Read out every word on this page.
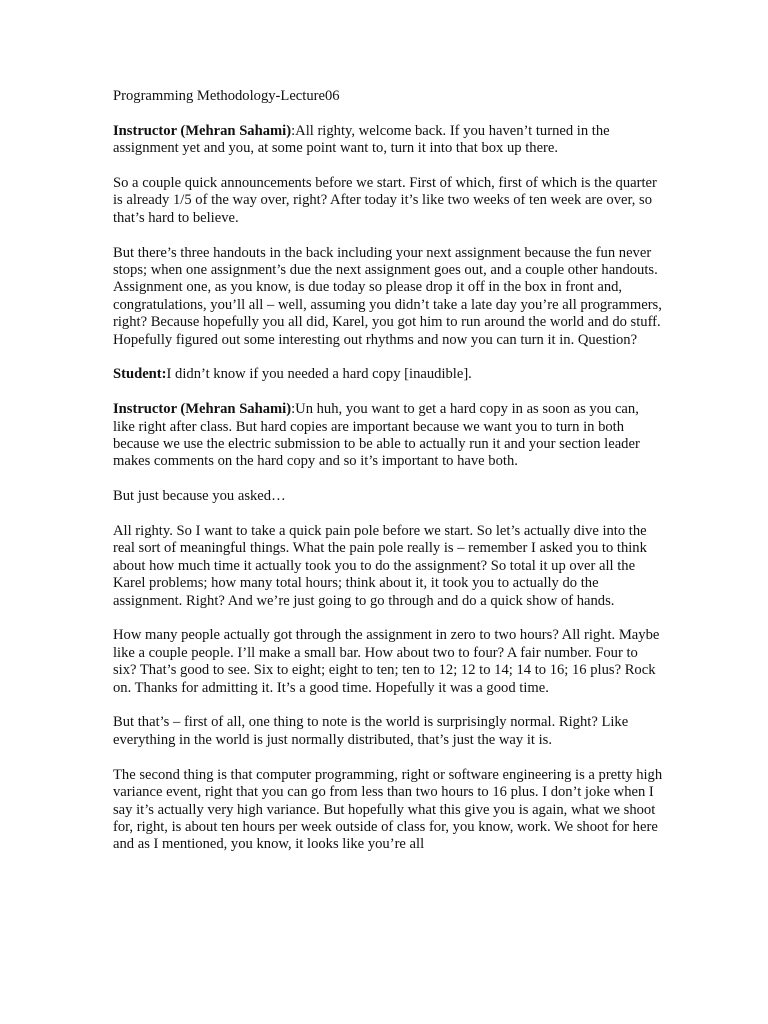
Programming Methodology-Lecture06

Instructor (Mehran Sahami):All righty, welcome back. If you haven’t turned in the assignment yet and you, at some point want to, turn it into that box up there.

So a couple quick announcements before we start. First of which, first of which is the quarter is already 1/5 of the way over, right? After today it’s like two weeks of ten week are over, so that’s hard to believe.

But there’s three handouts in the back including your next assignment because the fun never stops; when one assignment’s due the next assignment goes out, and a couple other handouts. Assignment one, as you know, is due today so please drop it off in the box in front and, congratulations, you’ll all – well, assuming you didn’t take a late day you’re all programmers, right? Because hopefully you all did, Karel, you got him to run around the world and do stuff. Hopefully figured out some interesting out rhythms and now you can turn it in. Question?

Student:I didn’t know if you needed a hard copy [inaudible].

Instructor (Mehran Sahami):Un huh, you want to get a hard copy in as soon as you can, like right after class. But hard copies are important because we want you to turn in both because we use the electric submission to be able to actually run it and your section leader makes comments on the hard copy and so it’s important to have both.

But just because you asked…

All righty. So I want to take a quick pain pole before we start. So let’s actually dive into the real sort of meaningful things. What the pain pole really is – remember I asked you to think about how much time it actually took you to do the assignment? So total it up over all the Karel problems; how many total hours; think about it, it took you to actually do the assignment. Right? And we’re just going to go through and do a quick show of hands.

How many people actually got through the assignment in zero to two hours? All right. Maybe like a couple people. I’ll make a small bar. How about two to four? A fair number. Four to six? That’s good to see. Six to eight; eight to ten; ten to 12; 12 to 14; 14 to 16; 16 plus? Rock on. Thanks for admitting it. It’s a good time. Hopefully it was a good time.

But that’s – first of all, one thing to note is the world is surprisingly normal. Right? Like everything in the world is just normally distributed, that’s just the way it is.

The second thing is that computer programming, right or software engineering is a pretty high variance event, right that you can go from less than two hours to 16 plus. I don’t joke when I say it’s actually very high variance. But hopefully what this give you is again, what we shoot for, right, is about ten hours per week outside of class for, you know, work. We shoot for here and as I mentioned, you know, it looks like you’re all
